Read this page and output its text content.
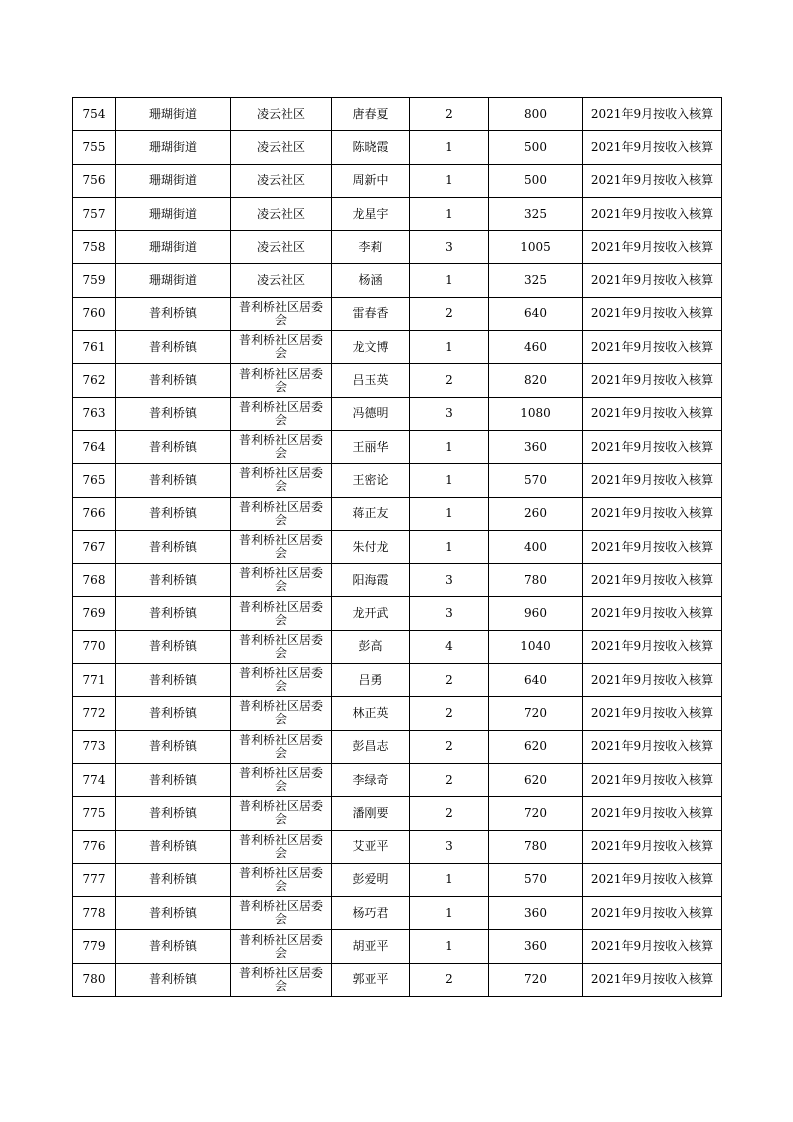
754	珊瑚街道	凌云社区	唐春夏	2	800	2021年9月按收入核算
755	珊瑚街道	凌云社区	陈晓霞	1	500	2021年9月按收入核算
756	珊瑚街道	凌云社区	周新中	1	500	2021年9月按收入核算
757	珊瑚街道	凌云社区	龙星宇	1	325	2021年9月按收入核算
758	珊瑚街道	凌云社区	李莉	3	1005	2021年9月按收入核算
759	珊瑚街道	凌云社区	杨涵	1	325	2021年9月按收入核算
760	普利桥镇	普利桥社区居委会	雷春香	2	640	2021年9月按收入核算
761	普利桥镇	普利桥社区居委会	龙文博	1	460	2021年9月按收入核算
762	普利桥镇	普利桥社区居委会	吕玉英	2	820	2021年9月按收入核算
763	普利桥镇	普利桥社区居委会	冯德明	3	1080	2021年9月按收入核算
764	普利桥镇	普利桥社区居委会	王丽华	1	360	2021年9月按收入核算
765	普利桥镇	普利桥社区居委会	王密论	1	570	2021年9月按收入核算
766	普利桥镇	普利桥社区居委会	蒋正友	1	260	2021年9月按收入核算
767	普利桥镇	普利桥社区居委会	朱付龙	1	400	2021年9月按收入核算
768	普利桥镇	普利桥社区居委会	阳海霞	3	780	2021年9月按收入核算
769	普利桥镇	普利桥社区居委会	龙开武	3	960	2021年9月按收入核算
770	普利桥镇	普利桥社区居委会	彭高	4	1040	2021年9月按收入核算
771	普利桥镇	普利桥社区居委会	吕勇	2	640	2021年9月按收入核算
772	普利桥镇	普利桥社区居委会	林正英	2	720	2021年9月按收入核算
773	普利桥镇	普利桥社区居委会	彭昌志	2	620	2021年9月按收入核算
774	普利桥镇	普利桥社区居委会	李绿奇	2	620	2021年9月按收入核算
775	普利桥镇	普利桥社区居委会	潘刚要	2	720	2021年9月按收入核算
776	普利桥镇	普利桥社区居委会	艾亚平	3	780	2021年9月按收入核算
777	普利桥镇	普利桥社区居委会	彭爱明	1	570	2021年9月按收入核算
778	普利桥镇	普利桥社区居委会	杨巧君	1	360	2021年9月按收入核算
779	普利桥镇	普利桥社区居委会	胡亚平	1	360	2021年9月按收入核算
780	普利桥镇	普利桥社区居委会	郭亚平	2	720	2021年9月按收入核算
